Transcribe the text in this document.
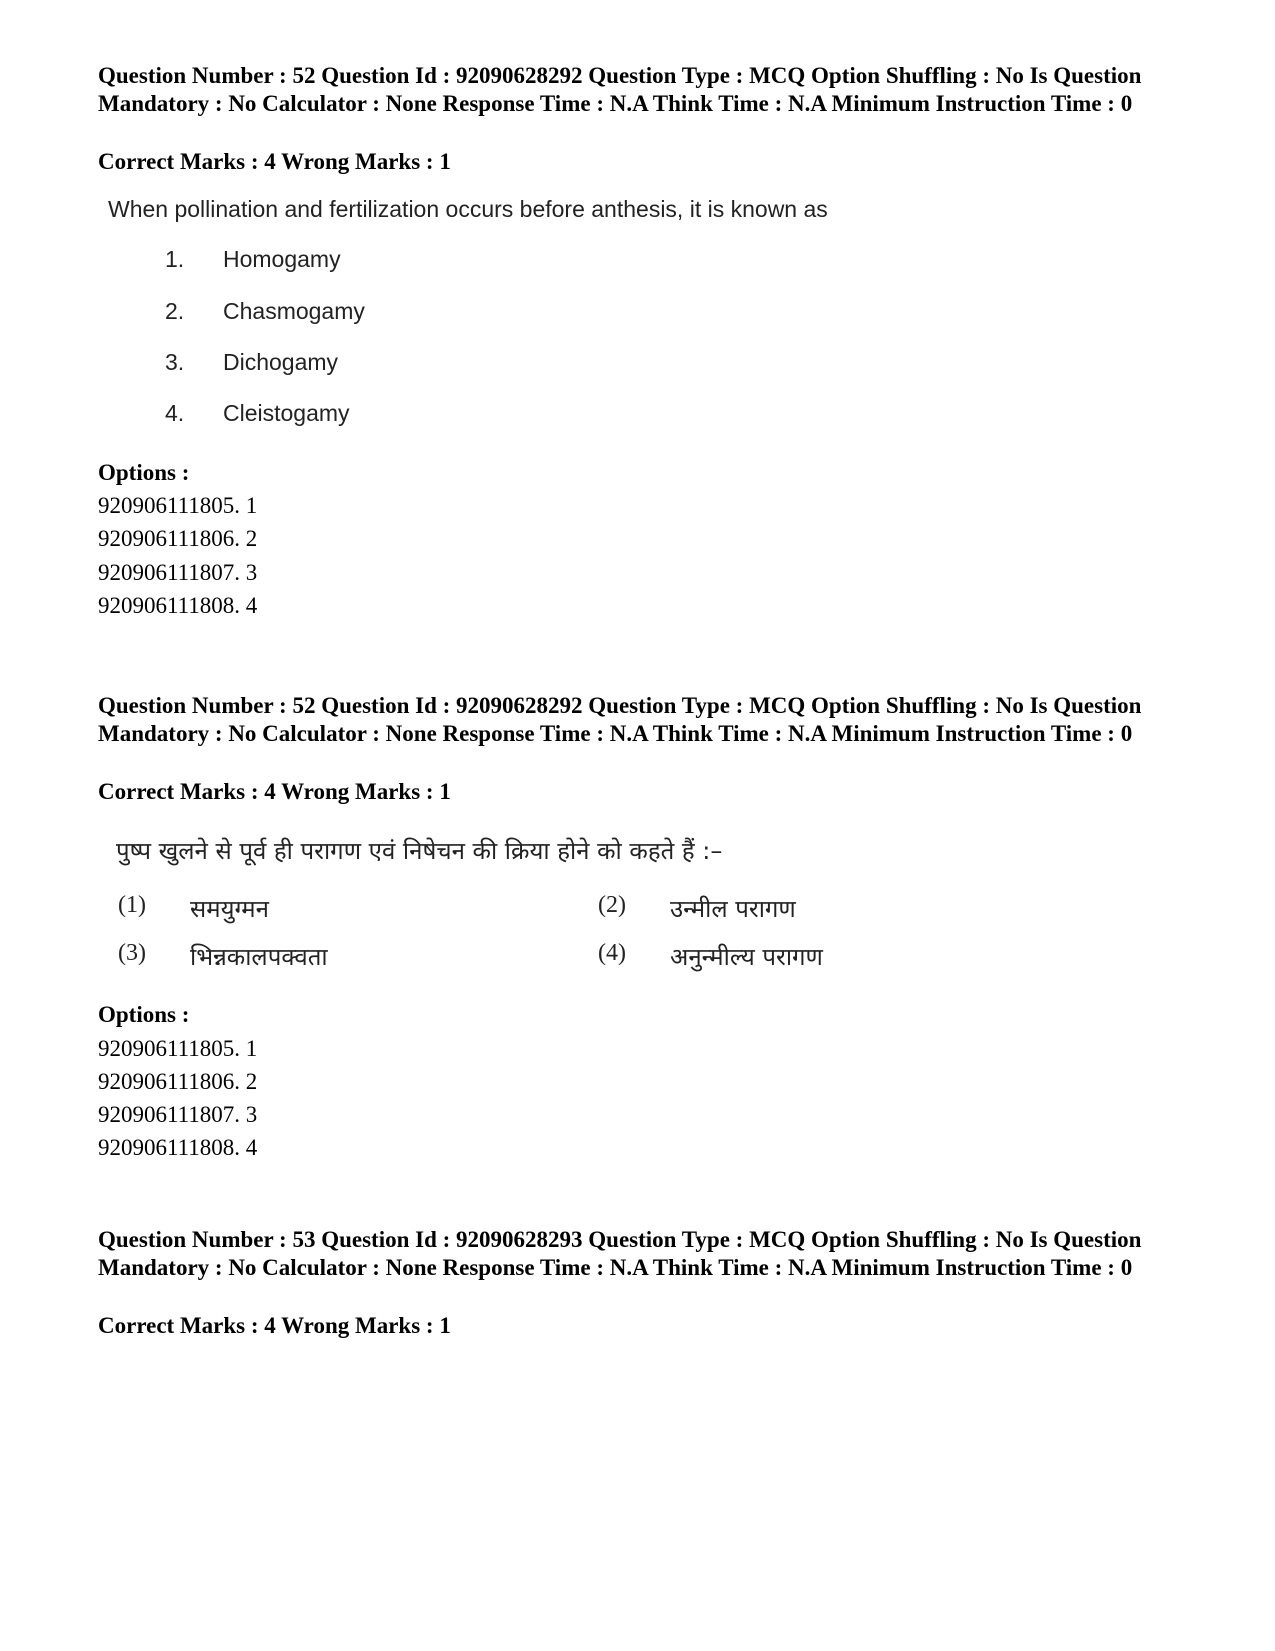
Question Number : 52 Question Id : 92090628292 Question Type : MCQ Option Shuffling : No Is Question Mandatory : No Calculator : None Response Time : N.A Think Time : N.A Minimum Instruction Time : 0
Correct Marks : 4 Wrong Marks : 1
When pollination and fertilization occurs before anthesis, it is known as
1. Homogamy
2. Chasmogamy
3. Dichogamy
4. Cleistogamy
Options :
920906111805. 1
920906111806. 2
920906111807. 3
920906111808. 4
Question Number : 52 Question Id : 92090628292 Question Type : MCQ Option Shuffling : No Is Question Mandatory : No Calculator : None Response Time : N.A Think Time : N.A Minimum Instruction Time : 0
Correct Marks : 4 Wrong Marks : 1
पुष्प खुलने से पूर्व ही परागण एवं निषेचन की क्रिया होने को कहते हैं :–
(1) समयुग्मन	(2) उन्मील परागण
(3) भिन्नकालपक्वता	(4) अनुन्मील्य परागण
Options :
920906111805. 1
920906111806. 2
920906111807. 3
920906111808. 4
Question Number : 53 Question Id : 92090628293 Question Type : MCQ Option Shuffling : No Is Question Mandatory : No Calculator : None Response Time : N.A Think Time : N.A Minimum Instruction Time : 0
Correct Marks : 4 Wrong Marks : 1
